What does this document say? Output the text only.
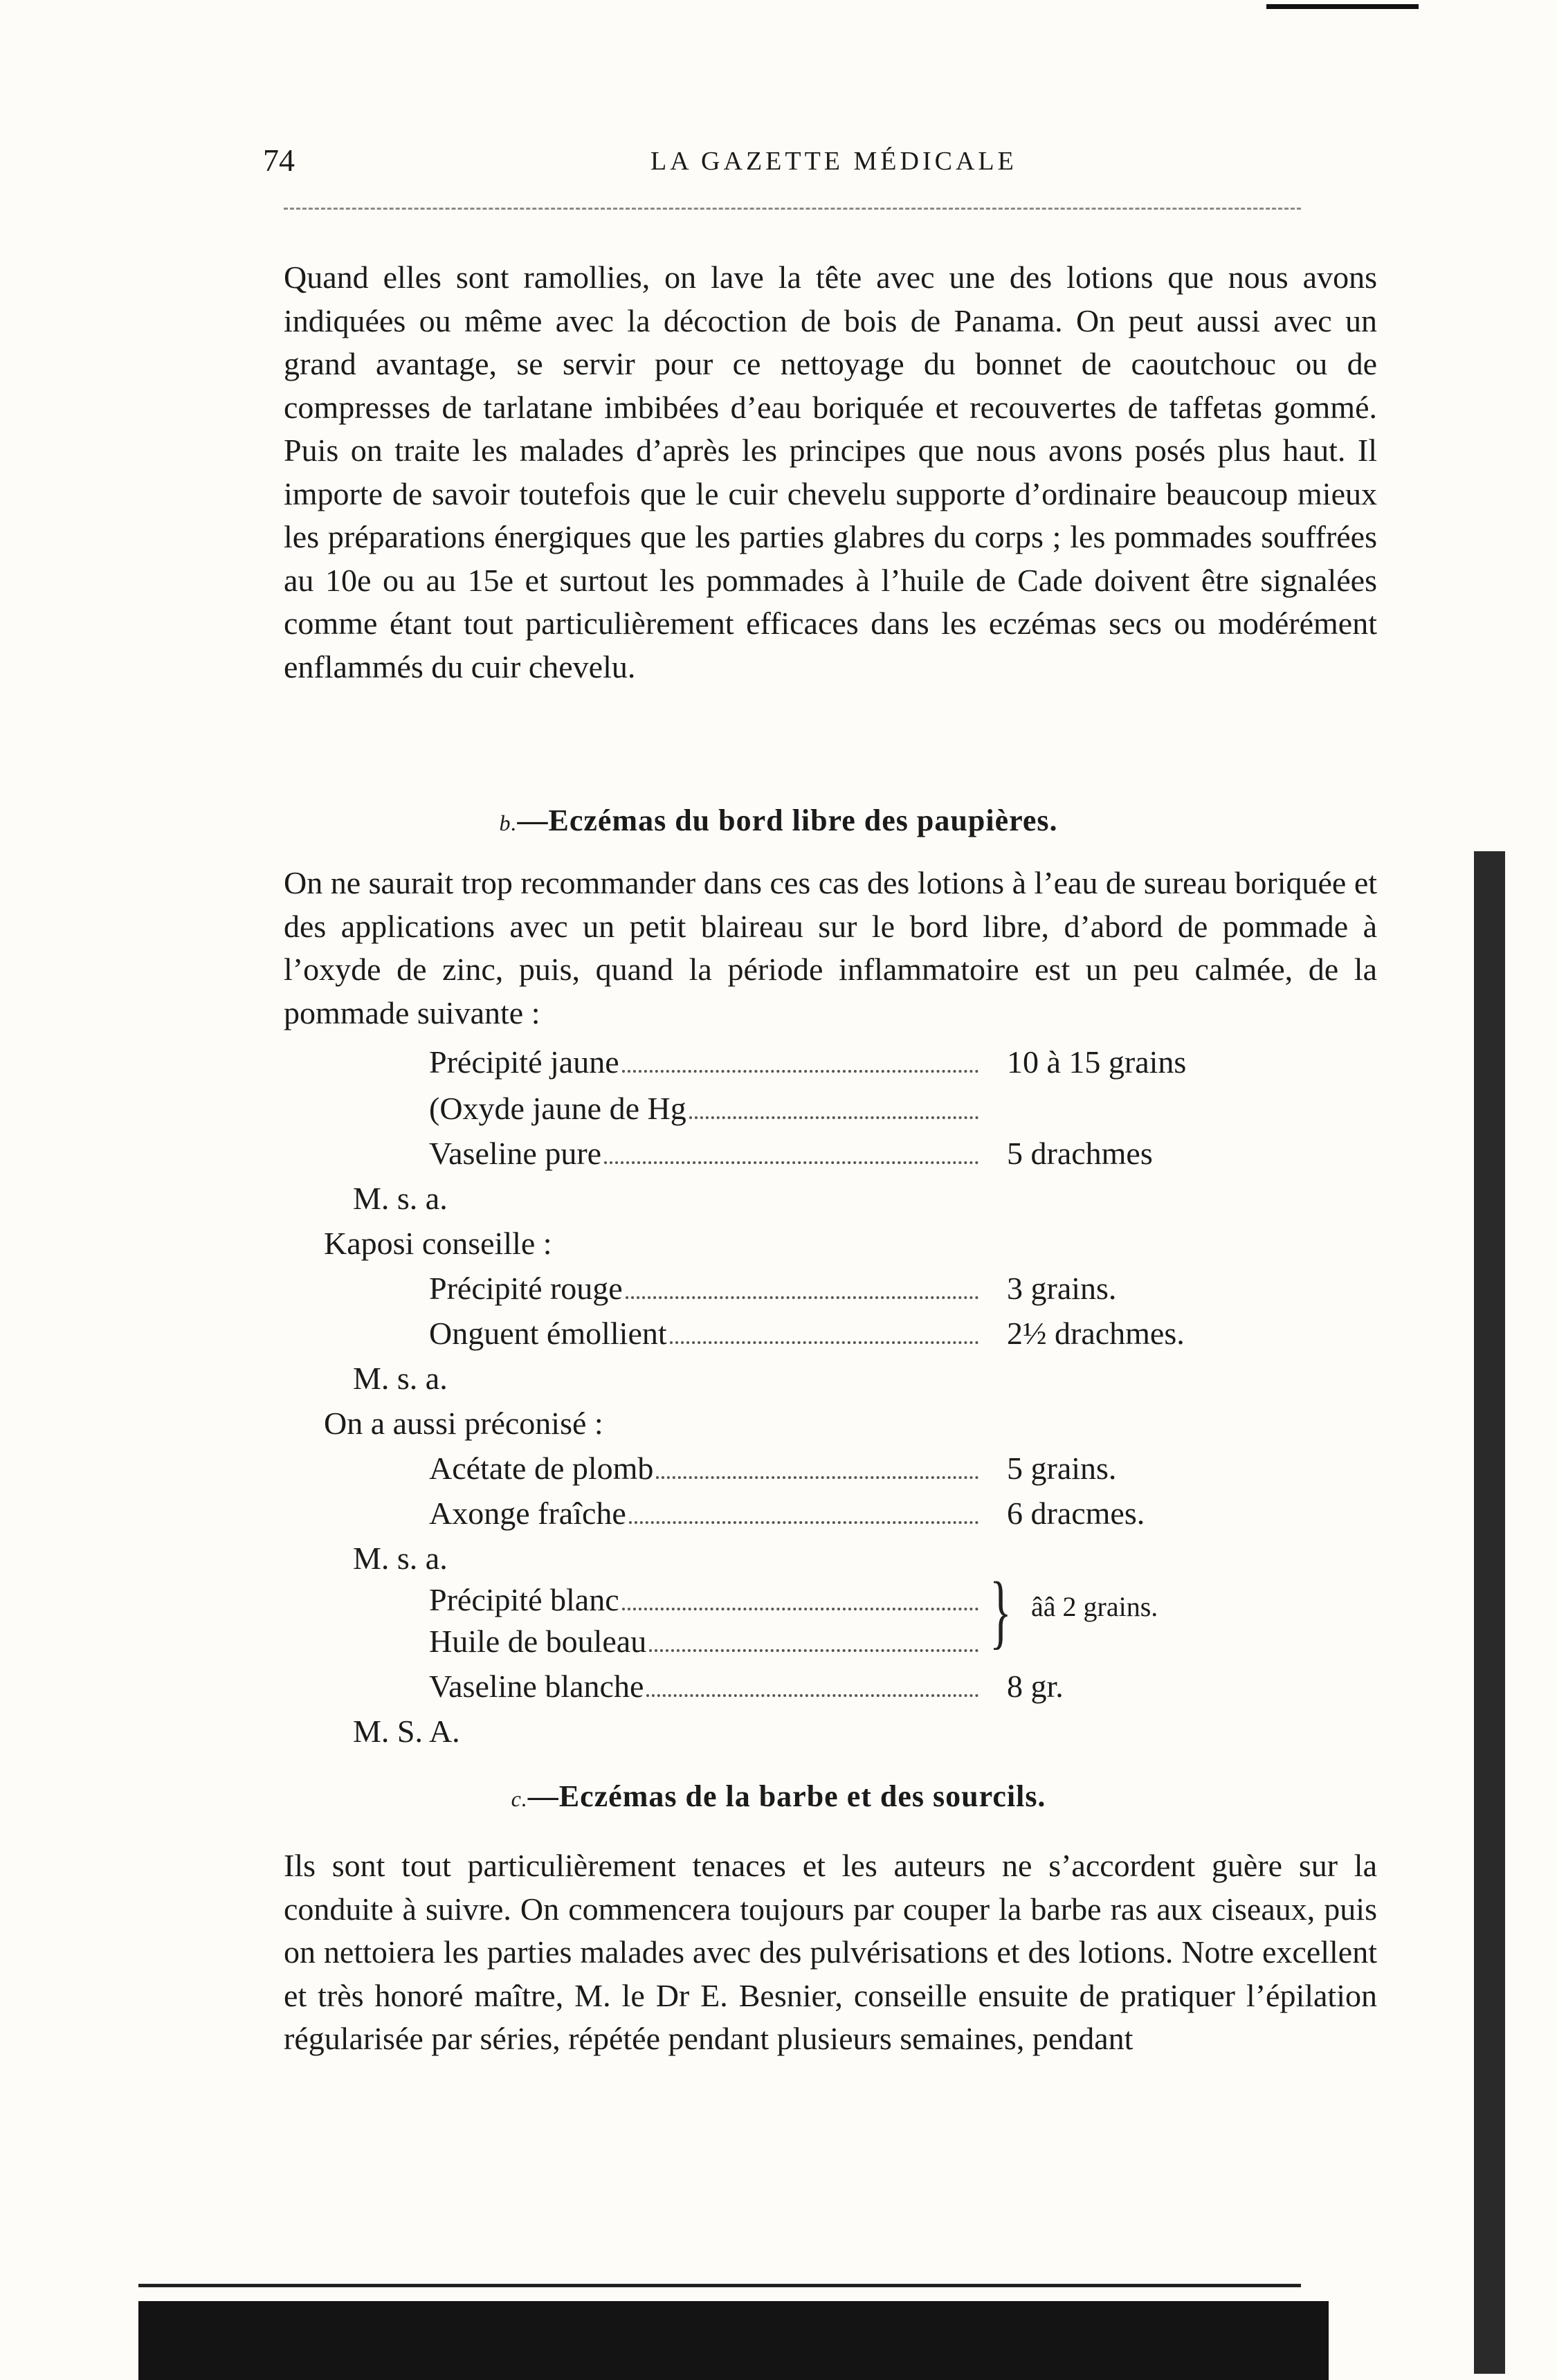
74	LA GAZETTE MÉDICALE

Quand elles sont ramollies, on lave la tête avec une des lotions que nous avons indiquées ou même avec la décoction de bois de Panama. On peut aussi avec un grand avantage, se servir pour ce nettoyage du bonnet de caoutchouc ou de compresses de tarlatane imbibées d’eau boriquée et recouvertes de taffetas gommé. Puis on traite les malades d’après les principes que nous avons posés plus haut. Il importe de savoir toutefois que le cuir chevelu supporte d’ordinaire beaucoup mieux les préparations énergiques que les parties glabres du corps ; les pommades souffrées au 10e ou au 15e et surtout les pommades à l’huile de Cade doivent être signalées comme étant tout particulièrement efficaces dans les eczémas secs ou modérément enflammés du cuir chevelu.

b.—Eczémas du bord libre des paupières.

On ne saurait trop recommander dans ces cas des lotions à l’eau de sureau boriquée et des applications avec un petit blaireau sur le bord libre, d’abord de pommade à l’oxyde de zinc, puis, quand la période inflammatoire est un peu calmée, de la pommade suivante :

Précipité jaune	10 à 15 grains
(Oxyde jaune de Hg
Vaseline pure	5 drachmes
M. s. a.
Kaposi conseille :
Précipité rouge	3 grains.
Onguent émollient	2½ drachmes.
M. s. a.
On a aussi préconisé :
Acétate de plomb	5 grains.
Axonge fraîche	6 dracmes.
M. s. a.
Précipité blanc
Huile de bouleau	} ââ 2 grains.
Vaseline blanche	8 gr.
M. S. A.

c.—Eczémas de la barbe et des sourcils.

Ils sont tout particulièrement tenaces et les auteurs ne s’accordent guère sur la conduite à suivre. On commencera toujours par couper la barbe ras aux ciseaux, puis on nettoiera les parties malades avec des pulvérisations et des lotions. Notre excellent et très honoré maître, M. le Dr E. Besnier, conseille ensuite de pratiquer l’épilation régularisée par séries, répétée pendant plusieurs semaines, pendant
